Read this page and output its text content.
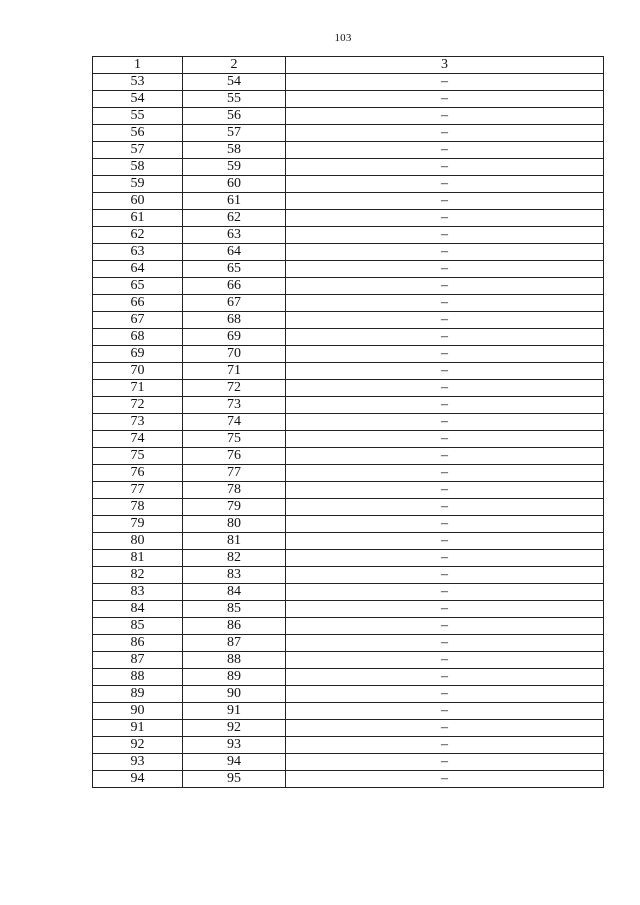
103
1	2	3
53	54	–
54	55	–
55	56	–
56	57	–
57	58	–
58	59	–
59	60	–
60	61	–
61	62	–
62	63	–
63	64	–
64	65	–
65	66	–
66	67	–
67	68	–
68	69	–
69	70	–
70	71	–
71	72	–
72	73	–
73	74	–
74	75	–
75	76	–
76	77	–
77	78	–
78	79	–
79	80	–
80	81	–
81	82	–
82	83	–
83	84	–
84	85	–
85	86	–
86	87	–
87	88	–
88	89	–
89	90	–
90	91	–
91	92	–
92	93	–
93	94	–
94	95	–
